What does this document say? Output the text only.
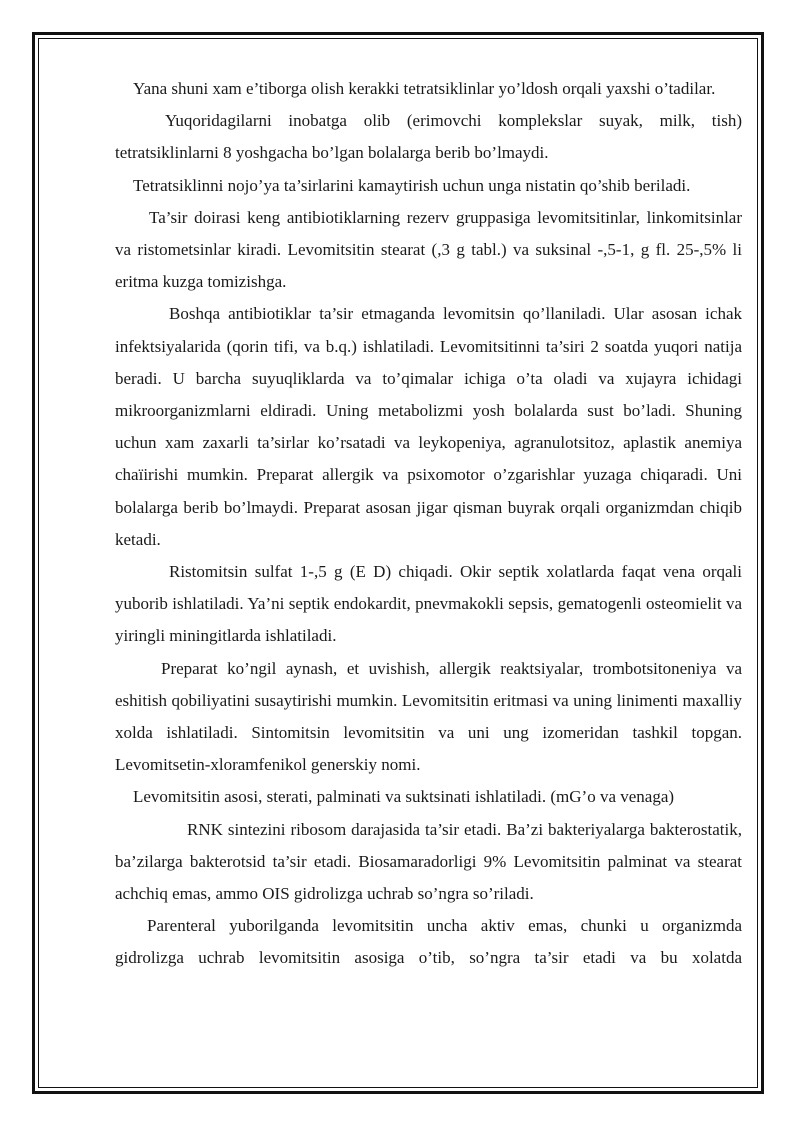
Yana shuni xam e’tiborga olish kerakki tetratsiklinlar yo’ldosh orqali yaxshi o’tadilar.

Yuqoridagilarni inobatga olib (erimovchi komplekslar suyak, milk, tish) tetratsiklinlarni 8 yoshgacha bo’lgan bolalarga berib bo’lmaydi.

Tetratsiklinni nojo’ya ta’sirlarini kamaytirish uchun unga nistatin qo’shib beriladi.

Ta’sir doirasi keng antibiotiklarning rezerv gruppasiga levomitsitinlar, linkomitsinlar va ristometsinlar kiradi. Levomitsitin stearat (,3 g tabl.) va suksinal -,5-1, g fl. 25-,5% li eritma kuzga tomizishga.

Boshqa antibiotiklar ta’sir etmaganda levomitsin qo’llaniladi. Ular asosan ichak infektsiyalarida (qorin tifi, va b.q.) ishlatiladi. Levomitsitinni ta’siri 2 soatda yuqori natija beradi. U barcha suyuqliklarda va to’qimalar ichiga o’ta oladi va xujayra ichidagi mikroorganizmlarni еldiradi. Uning metabolizmi yosh bolalarda sust bo’ladi. Shuning uchun xam zaxarli ta’sirlar ko’rsatadi va leykopeniya, agranulotsitoz, aplastik anemiya chaïirishi mumkin. Preparat allergik va psixomotor o’zgarishlar yuzaga chiqaradi. Uni bolalarga berib bo’lmaydi. Preparat asosan jigar qisman buyrak orqali organizmdan chiqib ketadi.

Ristomitsin sulfat 1-,5 g (E D) chiqadi. Okir septik xolatlarda faqat vena orqali yuborib ishlatiladi. Ya’ni septik endokardit, pnevmakokli sepsis, gematogenli osteomielit va yiringli miningitlarda ishlatiladi.

Preparat ko’ngil aynash, et uvishish, allergik reaktsiyalar, trombotsitoneniya va eshitish qobiliyatini susaytirishi mumkin. Levomitsitin eritmasi va uning linimenti maxalliy xolda ishlatiladi. Sintomitsin levomitsitin va uni ung izomeridan tashkil topgan. Levomitsetin-xloramfenikol generskiy nomi.

Levomitsitin asosi, sterati, palminati va suktsinati ishlatiladi. (mG’o va venaga)

RNK sintezini ribosom darajasida ta’sir etadi. Ba’zi bakteriyalarga bakterostatik, ba’zilarga bakterotsid ta’sir etadi. Biosamaradorligi 9% Levomitsitin palminat va stearat achchiq emas, ammo OIS gidrolizga uchrab so’ngra so’riladi.

Parenteral yuborilganda levomitsitin uncha aktiv emas, chunki u organizmda gidrolizga uchrab levomitsitin asosiga o’tib, so’ngra ta’sir etadi va bu xolatda
